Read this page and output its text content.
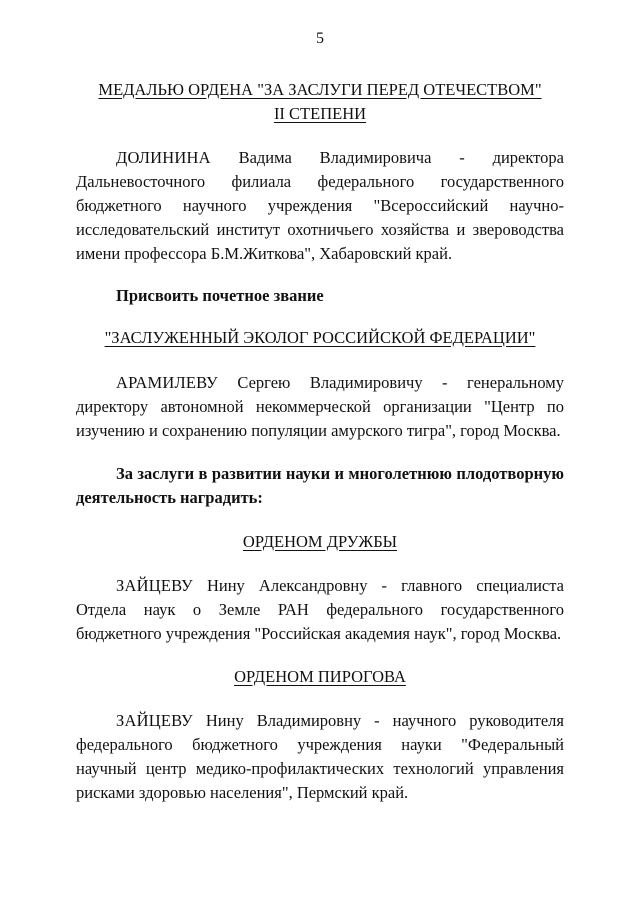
5
МЕДАЛЬЮ ОРДЕНА "ЗА ЗАСЛУГИ ПЕРЕД ОТЕЧЕСТВОМ"
II СТЕПЕНИ
ДОЛИНИНА Вадима Владимировича - директора Дальневосточного филиала федерального государственного бюджетного научного учреждения "Всероссийский научно-исследовательский институт охотничьего хозяйства и звероводства имени профессора Б.М.Житкова", Хабаровский край.
Присвоить почетное звание
"ЗАСЛУЖЕННЫЙ ЭКОЛОГ РОССИЙСКОЙ ФЕДЕРАЦИИ"
АРАМИЛЕВУ Сергею Владимировичу - генеральному директору автономной некоммерческой организации "Центр по изучению и сохранению популяции амурского тигра", город Москва.
За заслуги в развитии науки и многолетнюю плодотворную деятельность наградить:
ОРДЕНОМ ДРУЖБЫ
ЗАЙЦЕВУ Нину Александровну - главного специалиста Отдела наук о Земле РАН федерального государственного бюджетного учреждения "Российская академия наук", город Москва.
ОРДЕНОМ ПИРОГОВА
ЗАЙЦЕВУ Нину Владимировну - научного руководителя федерального бюджетного учреждения науки "Федеральный научный центр медико-профилактических технологий управления рисками здоровью населения", Пермский край.
